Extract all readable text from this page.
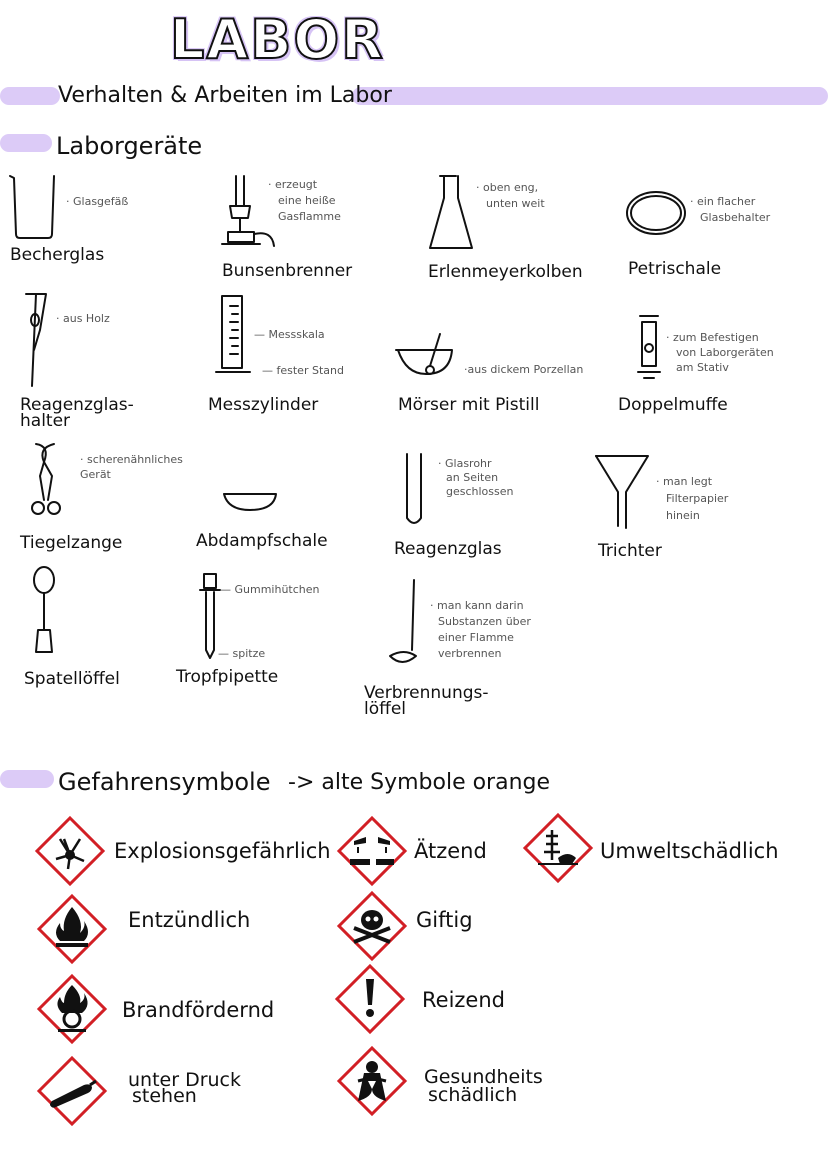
LABOR
Verhalten & Arbeiten im Labor
Laborgeräte
· Glasgefäß
Becherglas
· erzeugt
eine heiße
Gasflamme
Bunsenbrenner
· oben eng,
unten weit
Erlenmeyerkolben
· ein flacher
Glasbehalter
Petrischale
· aus Holz
Reagenzglas-
halter
— Messskala
— fester Stand
Messzylinder
·aus dickem Porzellan
Mörser mit Pistill
· zum Befestigen
von Laborgeräten
am Stativ
Doppelmuffe
· scherenähnliches
Gerät
Tiegelzange	Abdampfschale
· Glasrohr
an Seiten
geschlossen
Reagenzglas
· man legt
Filterpapier
hinein
Trichter
Spatellöffel
— Gummihütchen
— spitze
Tropfpipette
· man kann darin
Substanzen über
einer Flamme
verbrennen
Verbrennungs-
löffel
Gefahrensymbole -> alte Symbole orange
Explosionsgefährlich	Ätzend	Umweltschädlich
Entzündlich	Giftig
Brandfördernd	Reizend
unter Druck
stehen
Gesundheits
schädlich
